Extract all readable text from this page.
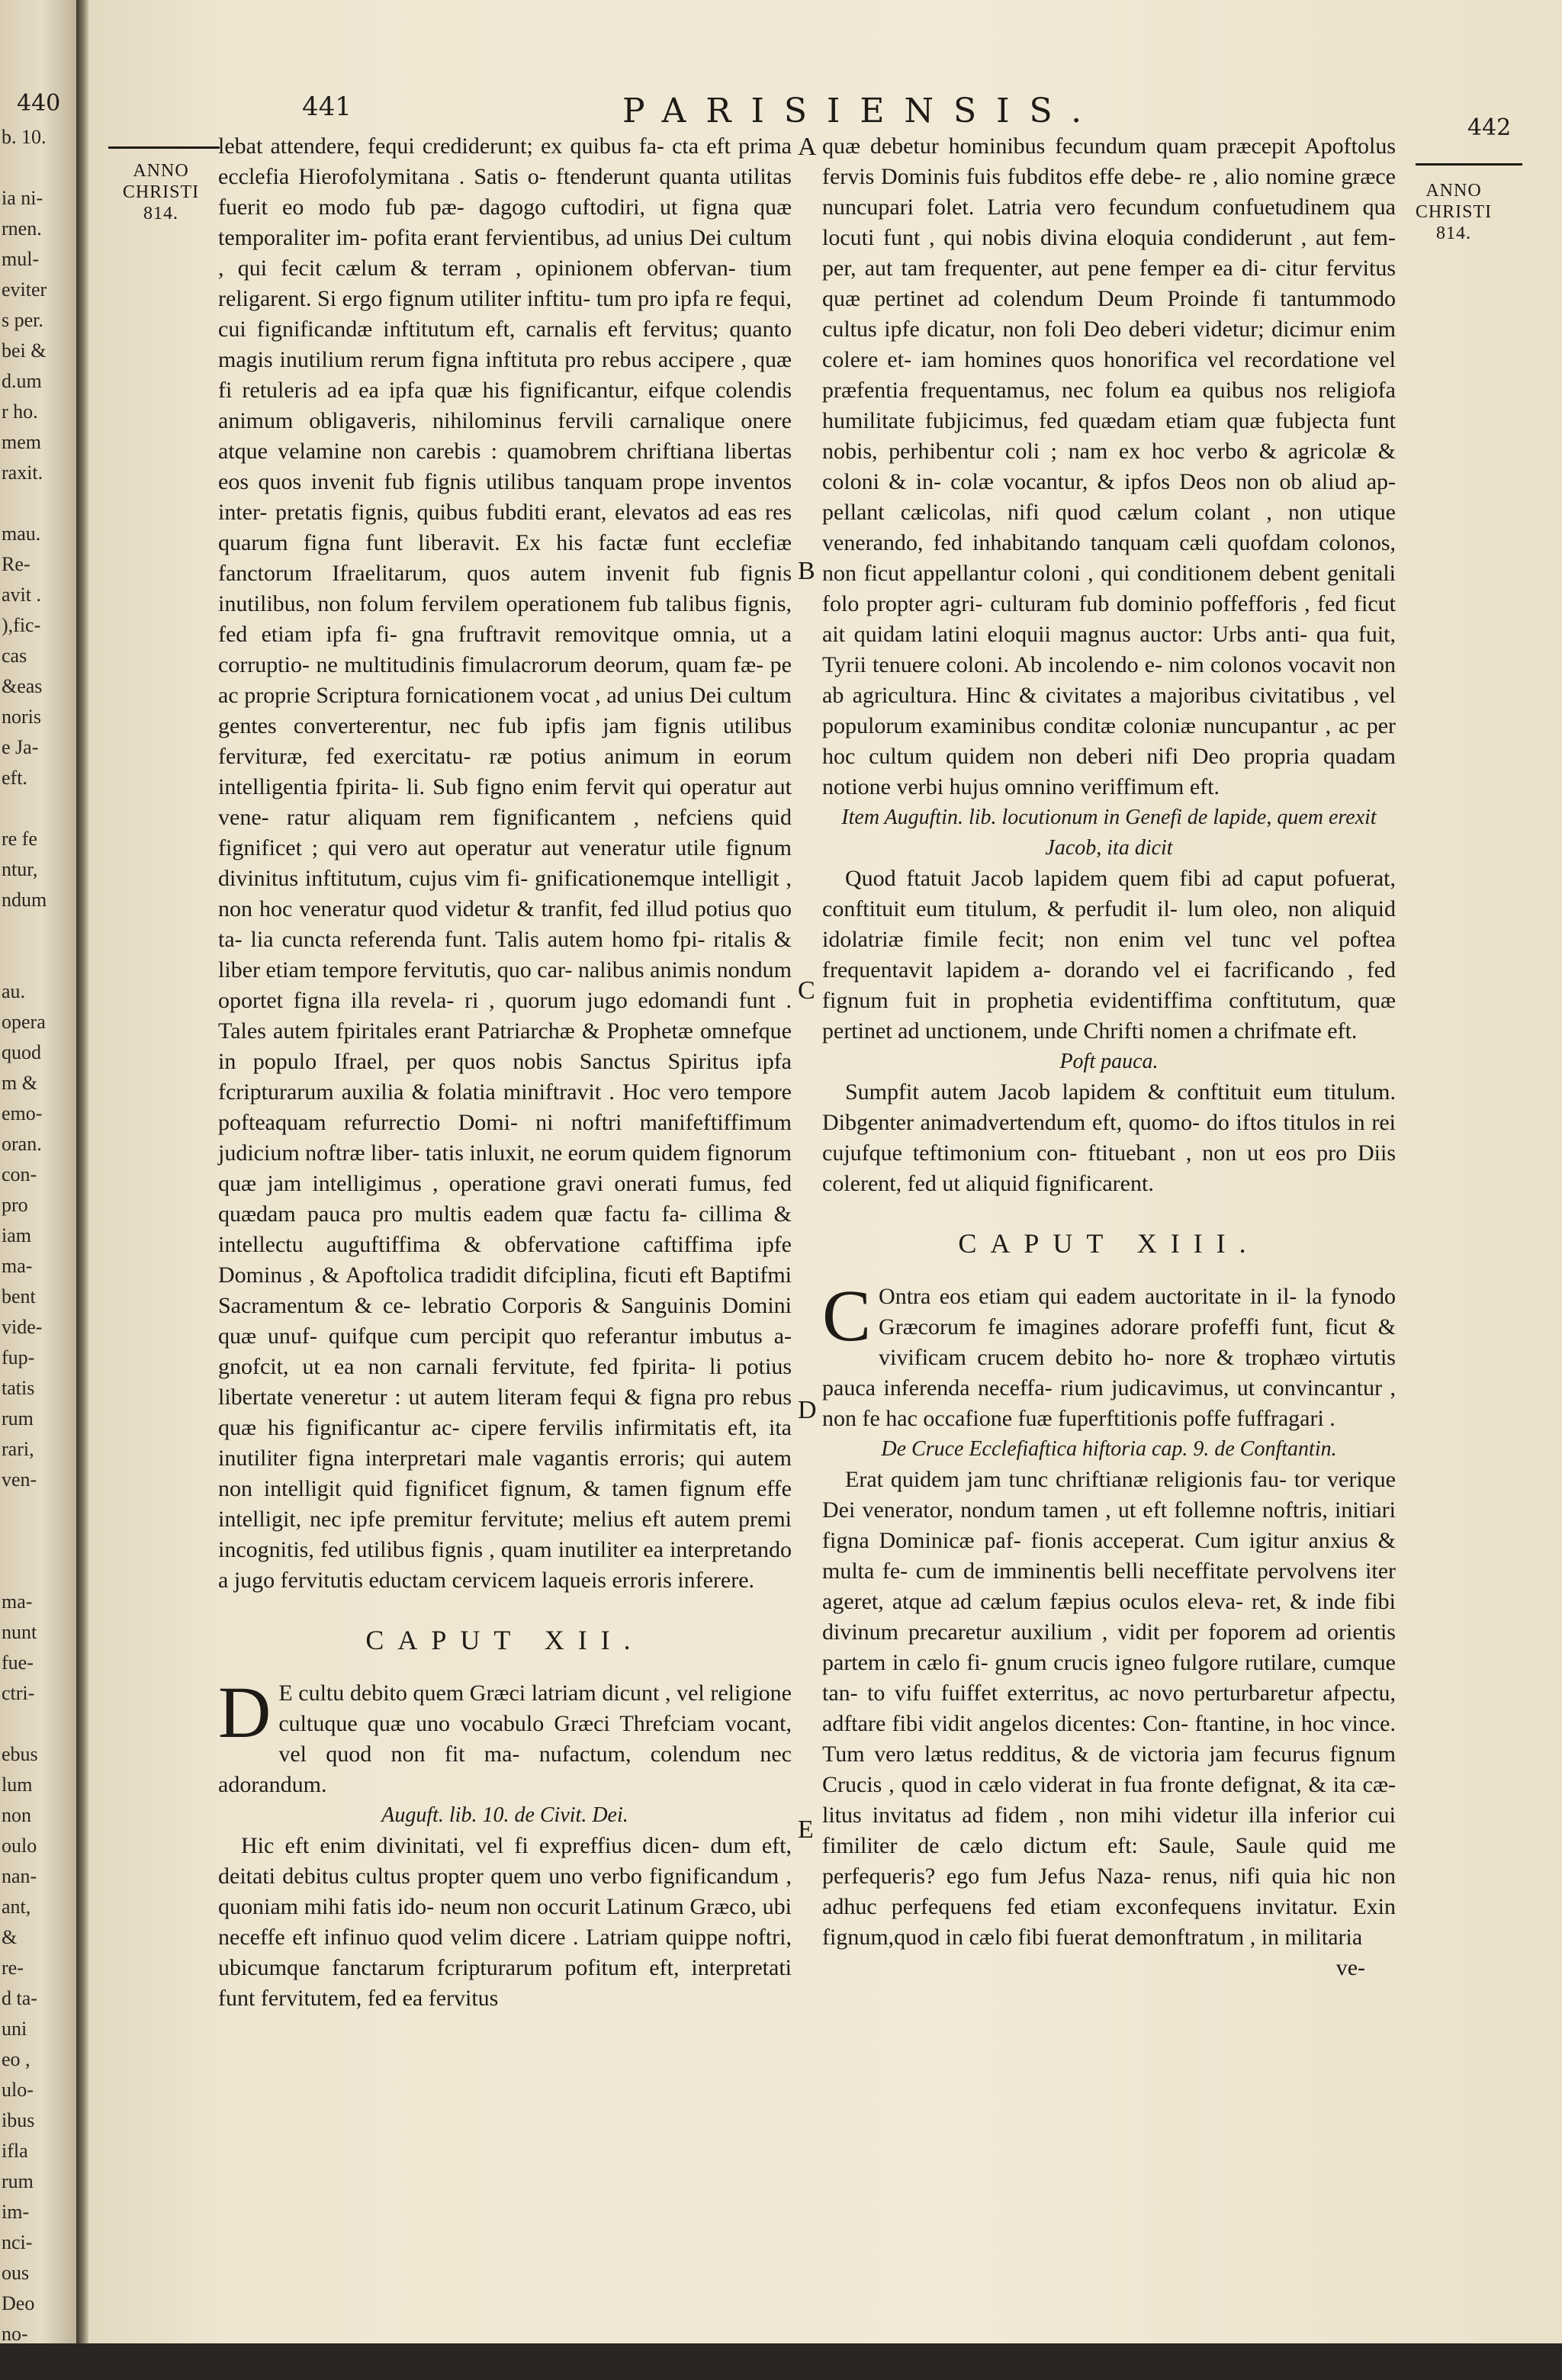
440
b. 10.

ia ni-
rnen.
mul-
eviter
s per.
bei &
d.um
r ho.
mem
raxit.

mau.
Re-
avit .
),fic-
cas
&eas
noris
e Ja-
eft.

re fe
ntur,
ndum

au.
opera
quod
m &
emo-
oran.
con-
pro
iam
ma-
bent
vide-
fup-
tatis
rum
rari,
ven-

ma-
nunt
fue-
ctri-

ebus
lum
non
oulo
nan-
ant,
&
re-
d ta-
uni
eo ,
ulo-
ibus
ifla
rum
im-
nci-
ous
Deo
no-
it.
441	PARISIENSIS.	442
ANNO
CHRISTI
814.
ANNO
CHRISTI
814.
A
B
C
D
E

lebat attendere, fequi crediderunt; ex quibus fa- cta eft prima ecclefia Hierofolymitana . Satis o- ftenderunt quanta utilitas fuerit eo modo fub pæ- dagogo cuftodiri, ut figna quæ temporaliter im- pofita erant fervientibus, ad unius Dei cultum , qui fecit cælum & terram , opinionem obfervan- tium religarent. Si ergo fignum utiliter inftitu- tum pro ipfa re fequi, cui fignificandæ inftitutum eft, carnalis eft fervitus; quanto magis inutilium rerum figna inftituta pro rebus accipere , quæ fi retuleris ad ea ipfa quæ his fignificantur, eifque colendis animum obligaveris, nihilominus fervili carnalique onere atque velamine non carebis : quamobrem chriftiana libertas eos quos invenit fub fignis utilibus tanquam prope inventos inter- pretatis fignis, quibus fubditi erant, elevatos ad eas res quarum figna funt liberavit. Ex his factæ funt ecclefiæ fanctorum Ifraelitarum, quos autem invenit fub fignis inutilibus, non folum fervilem operationem fub talibus fignis, fed etiam ipfa fi- gna fruftravit removitque omnia, ut a corruptio- ne multitudinis fimulacrorum deorum, quam fæ- pe ac proprie Scriptura fornicationem vocat , ad unius Dei cultum gentes converterentur, nec fub ipfis jam fignis utilibus fervituræ, fed exercitatu- ræ potius animum in eorum intelligentia fpirita- li. Sub figno enim fervit qui operatur aut vene- ratur aliquam rem fignificantem , nefciens quid fignificet ; qui vero aut operatur aut veneratur utile fignum divinitus inftitutum, cujus vim fi- gnificationemque intelligit , non hoc veneratur quod videtur & tranfit, fed illud potius quo ta- lia cuncta referenda funt. Talis autem homo fpi- ritalis & liber etiam tempore fervitutis, quo car- nalibus animis nondum oportet figna illa revela- ri , quorum jugo edomandi funt . Tales autem fpiritales erant Patriarchæ & Prophetæ omnefque in populo Ifrael, per quos nobis Sanctus Spiritus ipfa fcripturarum auxilia & folatia miniftravit . Hoc vero tempore pofteaquam refurrectio Domi- ni noftri manifeftiffimum judicium noftræ liber- tatis inluxit, ne eorum quidem fignorum quæ jam intelligimus , operatione gravi onerati fumus, fed quædam pauca pro multis eadem quæ factu fa- cillima & intellectu auguftiffima & obfervatione caftiffima ipfe Dominus , & Apoftolica tradidit difciplina, ficuti eft Baptifmi Sacramentum & ce- lebratio Corporis & Sanguinis Domini quæ unuf- quifque cum percipit quo referantur imbutus a- gnofcit, ut ea non carnali fervitute, fed fpirita- li potius libertate veneretur : ut autem literam fequi & figna pro rebus quæ his fignificantur ac- cipere fervilis infirmitatis eft, ita inutiliter figna interpretari male vagantis erroris; qui autem non intelligit quid fignificet fignum, & tamen fignum effe intelligit, nec ipfe premitur fervitute; melius eft autem premi incognitis, fed utilibus fignis , quam inutiliter ea interpretando a jugo fervitutis eductam cervicem laqueis erroris inferere.

CAPUT XII.

D E cultu debito quem Græci latriam dicunt , vel religione cultuque quæ uno vocabulo Græci Threfciam vocant, vel quod non fit ma- nufactum, colendum nec adorandum.

Auguft. lib. 10. de Civit. Dei.

Hic eft enim divinitati, vel fi expreffius dicen- dum eft, deitati debitus cultus propter quem uno verbo fignificandum , quoniam mihi fatis ido- neum non occurit Latinum Græco, ubi neceffe eft infinuo quod velim dicere . Latriam quippe noftri, ubicumque fanctarum fcripturarum pofitum eft, interpretati funt fervitutem, fed ea fervitus

quæ debetur hominibus fecundum quam præcepit Apoftolus fervis Dominis fuis fubditos effe debe- re , alio nomine græce nuncupari folet. Latria vero fecundum confuetudinem qua locuti funt , qui nobis divina eloquia condiderunt , aut fem- per, aut tam frequenter, aut pene femper ea di- citur fervitus quæ pertinet ad colendum Deum Proinde fi tantummodo cultus ipfe dicatur, non foli Deo deberi videtur; dicimur enim colere et- iam homines quos honorifica vel recordatione vel præfentia frequentamus, nec folum ea quibus nos religiofa humilitate fubjicimus, fed quædam etiam quæ fubjecta funt nobis, perhibentur coli ; nam ex hoc verbo & agricolæ & coloni & in- colæ vocantur, & ipfos Deos non ob aliud ap- pellant cælicolas, nifi quod cælum colant , non utique venerando, fed inhabitando tanquam cæli quofdam colonos, non ficut appellantur coloni , qui conditionem debent genitali folo propter agri- culturam fub dominio poffefforis , fed ficut ait quidam latini eloquii magnus auctor: Urbs anti- qua fuit, Tyrii tenuere coloni. Ab incolendo e- nim colonos vocavit non ab agricultura. Hinc & civitates a majoribus civitatibus , vel populorum examinibus conditæ coloniæ nuncupantur , ac per hoc cultum quidem non deberi nifi Deo propria quadam notione verbi hujus omnino veriffimum eft.

Item Auguftin. lib. locutionum in Genefi de lapide, quem erexit Jacob, ita dicit

Quod ftatuit Jacob lapidem quem fibi ad caput pofuerat, conftituit eum titulum, & perfudit il- lum oleo, non aliquid idolatriæ fimile fecit; non enim vel tunc vel poftea frequentavit lapidem a- dorando vel ei facrificando , fed fignum fuit in prophetia evidentiffima conftitutum, quæ pertinet ad unctionem, unde Chrifti nomen a chrifmate eft.

Poft pauca.

Sumpfit autem Jacob lapidem & conftituit eum titulum. Dibgenter animadvertendum eft, quomo- do iftos titulos in rei cujufque teftimonium con- ftituebant , non ut eos pro Diis colerent, fed ut aliquid fignificarent.

CAPUT XIII.

C Ontra eos etiam qui eadem auctoritate in il- la fynodo Græcorum fe imagines adorare profeffi funt, ficut & vivificam crucem debito ho- nore & trophæo virtutis pauca inferenda neceffa- rium judicavimus, ut convincantur , non fe hac occafione fuæ fuperftitionis poffe fuffragari .

De Cruce Ecclefiaftica hiftoria cap. 9. de Conftantin.

Erat quidem jam tunc chriftianæ religionis fau- tor verique Dei venerator, nondum tamen , ut eft follemne noftris, initiari figna Dominicæ paf- fionis acceperat. Cum igitur anxius & multa fe- cum de imminentis belli neceffitate pervolvens iter ageret, atque ad cælum fæpius oculos eleva- ret, & inde fibi divinum precaretur auxilium , vidit per foporem ad orientis partem in cælo fi- gnum crucis igneo fulgore rutilare, cumque tan- to vifu fuiffet exterritus, ac novo perturbaretur afpectu, adftare fibi vidit angelos dicentes: Con- ftantine, in hoc vince. Tum vero lætus redditus, & de victoria jam fecurus fignum Crucis , quod in cælo viderat in fua fronte defignat, & ita cæ- litus invitatus ad fidem , non mihi videtur illa inferior cui fimiliter de cælo dictum eft: Saule, Saule quid me perfequeris? ego fum Jefus Naza- renus, nifi quia hic non adhuc perfequens fed etiam exconfequens invitatur. Exin fignum,quod in cælo fibi fuerat demonftratum , in militaria

ve-
